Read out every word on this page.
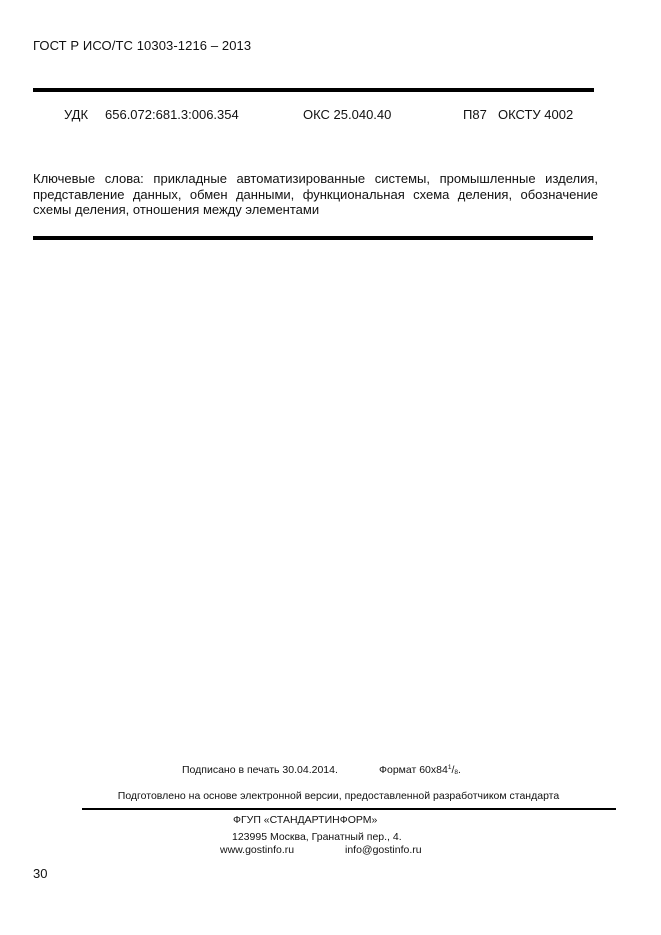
ГОСТ Р ИСО/ТС 10303-1216 – 2013
УДК 656.072:681.3:006.354	ОКС 25.040.40	П87 ОКСТУ 4002
Ключевые слова: прикладные автоматизированные системы, промышленные изделия, представление данных, обмен данными, функциональная схема деления, обозначение схемы деления, отношения между элементами
Подписано в печать 30.04.2014.	Формат $60x84^1/_8$.
Подготовлено на основе электронной версии, предоставленной разработчиком стандарта
ФГУП «СТАНДАРТИНФОРМ»
123995 Москва, Гранатный пер., 4.
www.gostinfo.ru	info@gostinfo.ru
30
